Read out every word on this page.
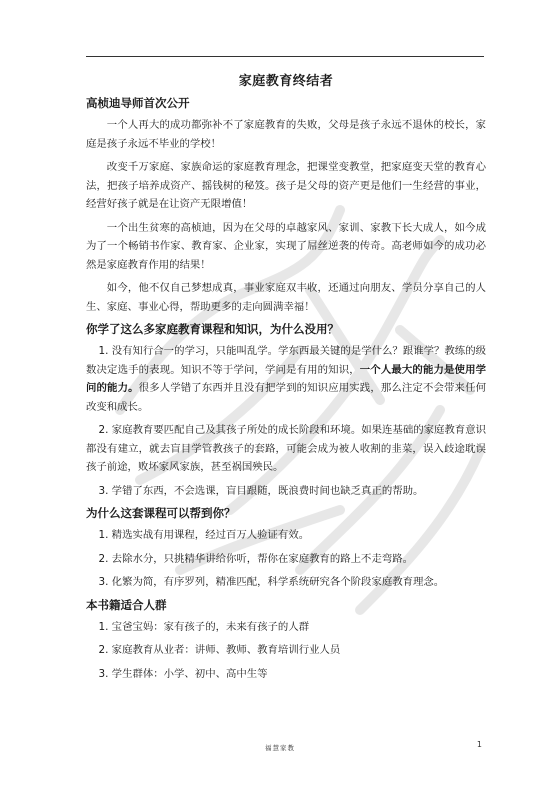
家庭教育终结者
高桢迪导师首次公开

一个人再大的成功都弥补不了家庭教育的失败，父母是孩子永远不退休的校长，家庭是孩子永远不毕业的学校！

改变千万家庭、家族命运的家庭教育理念，把课堂变教堂，把家庭变天堂的教育心法，把孩子培养成资产、摇钱树的秘笈。孩子是父母的资产更是他们一生经营的事业，经营好孩子就是在让资产无限增值！

一个出生贫寒的高桢迪，因为在父母的卓越家风、家训、家教下长大成人，如今成为了一个畅销书作家、教育家、企业家，实现了屌丝逆袭的传奇。高老师如今的成功必然是家庭教育作用的结果！

如今，他不仅自己梦想成真，事业家庭双丰收，还通过向朋友、学员分享自己的人生、家庭、事业心得，帮助更多的走向圆满幸福！

你学了这么多家庭教育课程和知识，为什么没用？

1. 没有知行合一的学习，只能叫乱学。学东西最关键的是学什么？跟谁学？教练的级数决定选手的表现。知识不等于学问，学问是有用的知识，一个人最大的能力是使用学问的能力。很多人学错了东西并且没有把学到的知识应用实践，那么注定不会带来任何改变和成长。

2. 家庭教育要匹配自己及其孩子所处的成长阶段和环境。如果连基础的家庭教育意识都没有建立，就去盲目学管教孩子的套路，可能会成为被人收割的韭菜，误入歧途耽误孩子前途，败坏家风家族，甚至祸国殃民。

3. 学错了东西，不会选课，盲目跟随，既浪费时间也缺乏真正的帮助。

为什么这套课程可以帮到你？

1. 精选实战有用课程，经过百万人验证有效。

2. 去除水分，只挑精华讲给你听，帮你在家庭教育的路上不走弯路。

3. 化繁为简，有序罗列，精准匹配，科学系统研究各个阶段家庭教育理念。

本书籍适合人群

1. 宝爸宝妈：家有孩子的，未来有孩子的人群

2. 家庭教育从业者：讲师、教师、教育培训行业人员

3. 学生群体：小学、初中、高中生等

福慧家教	1
